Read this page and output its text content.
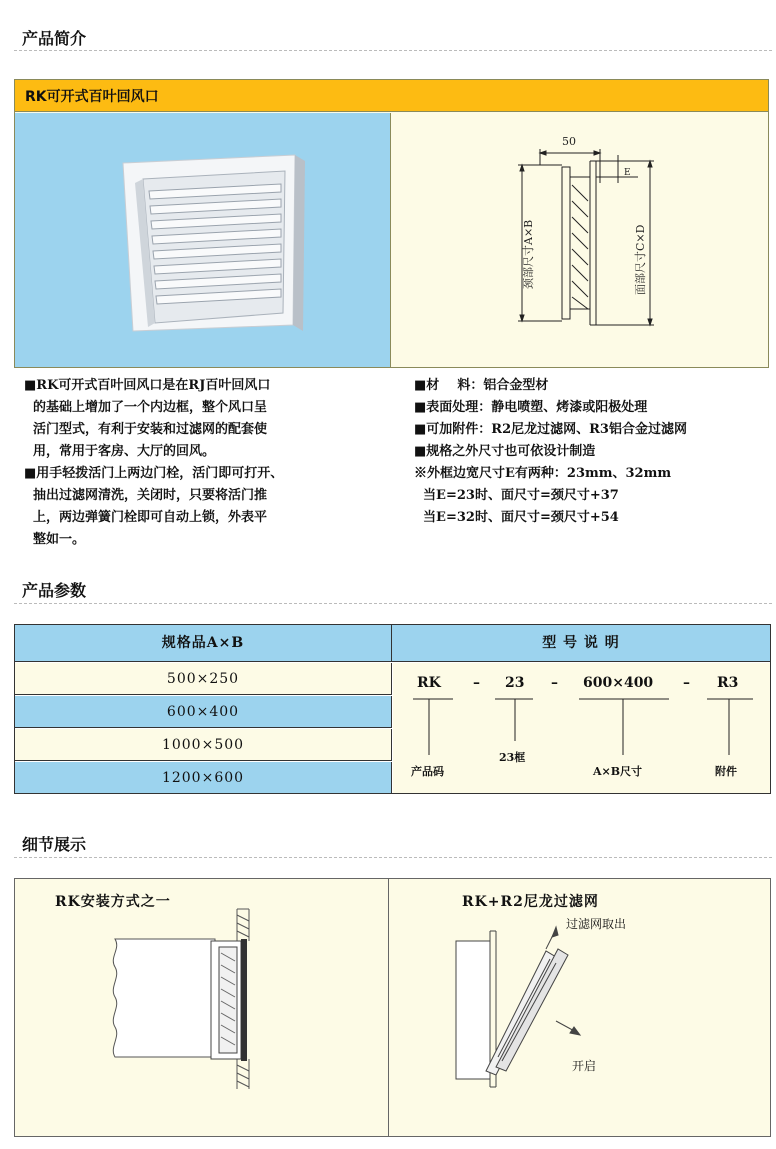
产品简介
RK可开式百叶回风口
50
E
颈部尺寸A×B	面部尺寸C×D

■RK可开式百叶回风口是在RJ百叶回风口

的基础上增加了一个内边框，整个风口呈

活门型式，有利于安装和过滤网的配套使

用，常用于客房、大厅的回风。

■用手轻拨活门上两边门栓，活门即可打开、

抽出过滤网清洗，关闭时，只要将活门推

上，两边弹簧门栓即可自动上锁，外表平

整如一。

■材    料：铝合金型材

■表面处理：静电喷塑、烤漆或阳极处理

■可加附件：R2尼龙过滤网、R3铝合金过滤网

■规格之外尺寸也可依设计制造

※外框边宽尺寸E有两种：23mm、32mm

当E=23时、面尺寸=颈尺寸+37

当E=32时、面尺寸=颈尺寸+54

产品参数
规格品A×B	型 号 说 明
500×250
600×400
1000×500
1200×600
RK – 23 – 600×400 – R3
产品码
23框
A×B尺寸	附件
细节展示
RK安装方式之一	RK+R2尼龙过滤网
过滤网取出
开启
